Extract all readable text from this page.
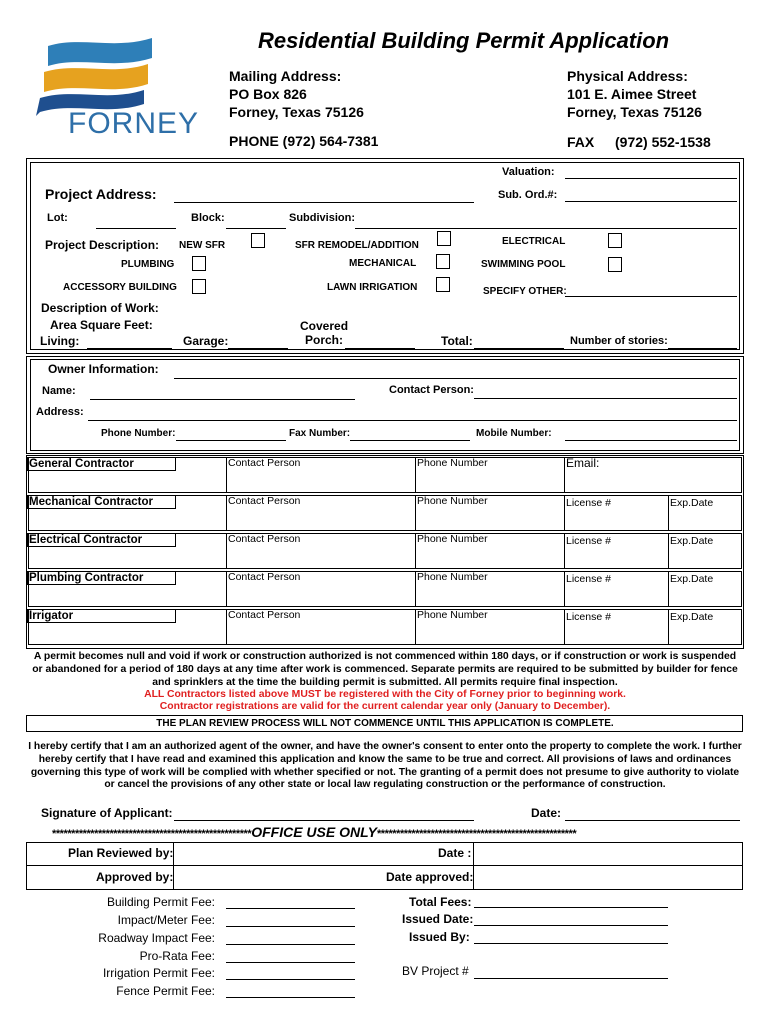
FORNEY
Residential Building Permit Application
Mailing Address:
PO Box 826
Forney, Texas 75126
Physical Address:
101 E. Aimee Street
Forney, Texas 75126
PHONE (972) 564-7381	FAX (972) 552-1538
Valuation:
Project Address:	Sub. Ord.#:
Lot:	Block:	Subdivision:
Project Description: NEW SFR	SFR REMODEL/ADDITION	ELECTRICAL
PLUMBING	MECHANICAL	SWIMMING POOL
ACCESSORY BUILDING	LAWN IRRIGATION	SPECIFY OTHER:
Description of Work:
Area Square Feet:
Living:	Garage:
Covered
Porch:	Total:	Number of stories:
Owner Information:
Name:	Contact Person:
Address:
Phone Number:	Fax Number:	Mobile Number:
General Contractor	Contact Person	Phone Number	Email:
Mechanical Contractor	Contact Person	Phone Number	License #	Exp.Date
Electrical Contractor	Contact Person	Phone Number	License #	Exp.Date
Plumbing Contractor	Contact Person	Phone Number	License #	Exp.Date
Irrigator	Contact Person	Phone Number	License #	Exp.Date
A permit becomes null and void if work or construction authorized is not commenced within 180 days, or if construction or work is suspended or abandoned for a period of 180 days at any time after work is commenced. Separate permits are required to be submitted by builder for fence and sprinklers at the time the building permit is submitted. All permits require final inspection.
ALL Contractors listed above MUST be registered with the City of Forney prior to beginning work.
Contractor registrations are valid for the current calendar year only (January to December).
THE PLAN REVIEW PROCESS WILL NOT COMMENCE UNTIL THIS APPLICATION IS COMPLETE.
I hereby certify that I am an authorized agent of the owner, and have the owner's consent to enter onto the property to complete the work. I further hereby certify that I have read and examined this application and know the same to be true and correct. All provisions of laws and ordinances governing this type of work will be complied with whether specified or not. The granting of a permit does not presume to give authority to violate or cancel the provisions of any other state or local law regulating construction or the performance of construction.
Signature of Applicant:	Date:
****************************************************OFFICE USE ONLY****************************************************
Plan Reviewed by:	Date :
Approved by:	Date approved:
Building Permit Fee:
Impact/Meter Fee:
Roadway Impact Fee:
Pro-Rata Fee:
Irrigation Permit Fee:
Fence Permit Fee:
Total Fees:
Issued Date:
Issued By:
BV Project #
